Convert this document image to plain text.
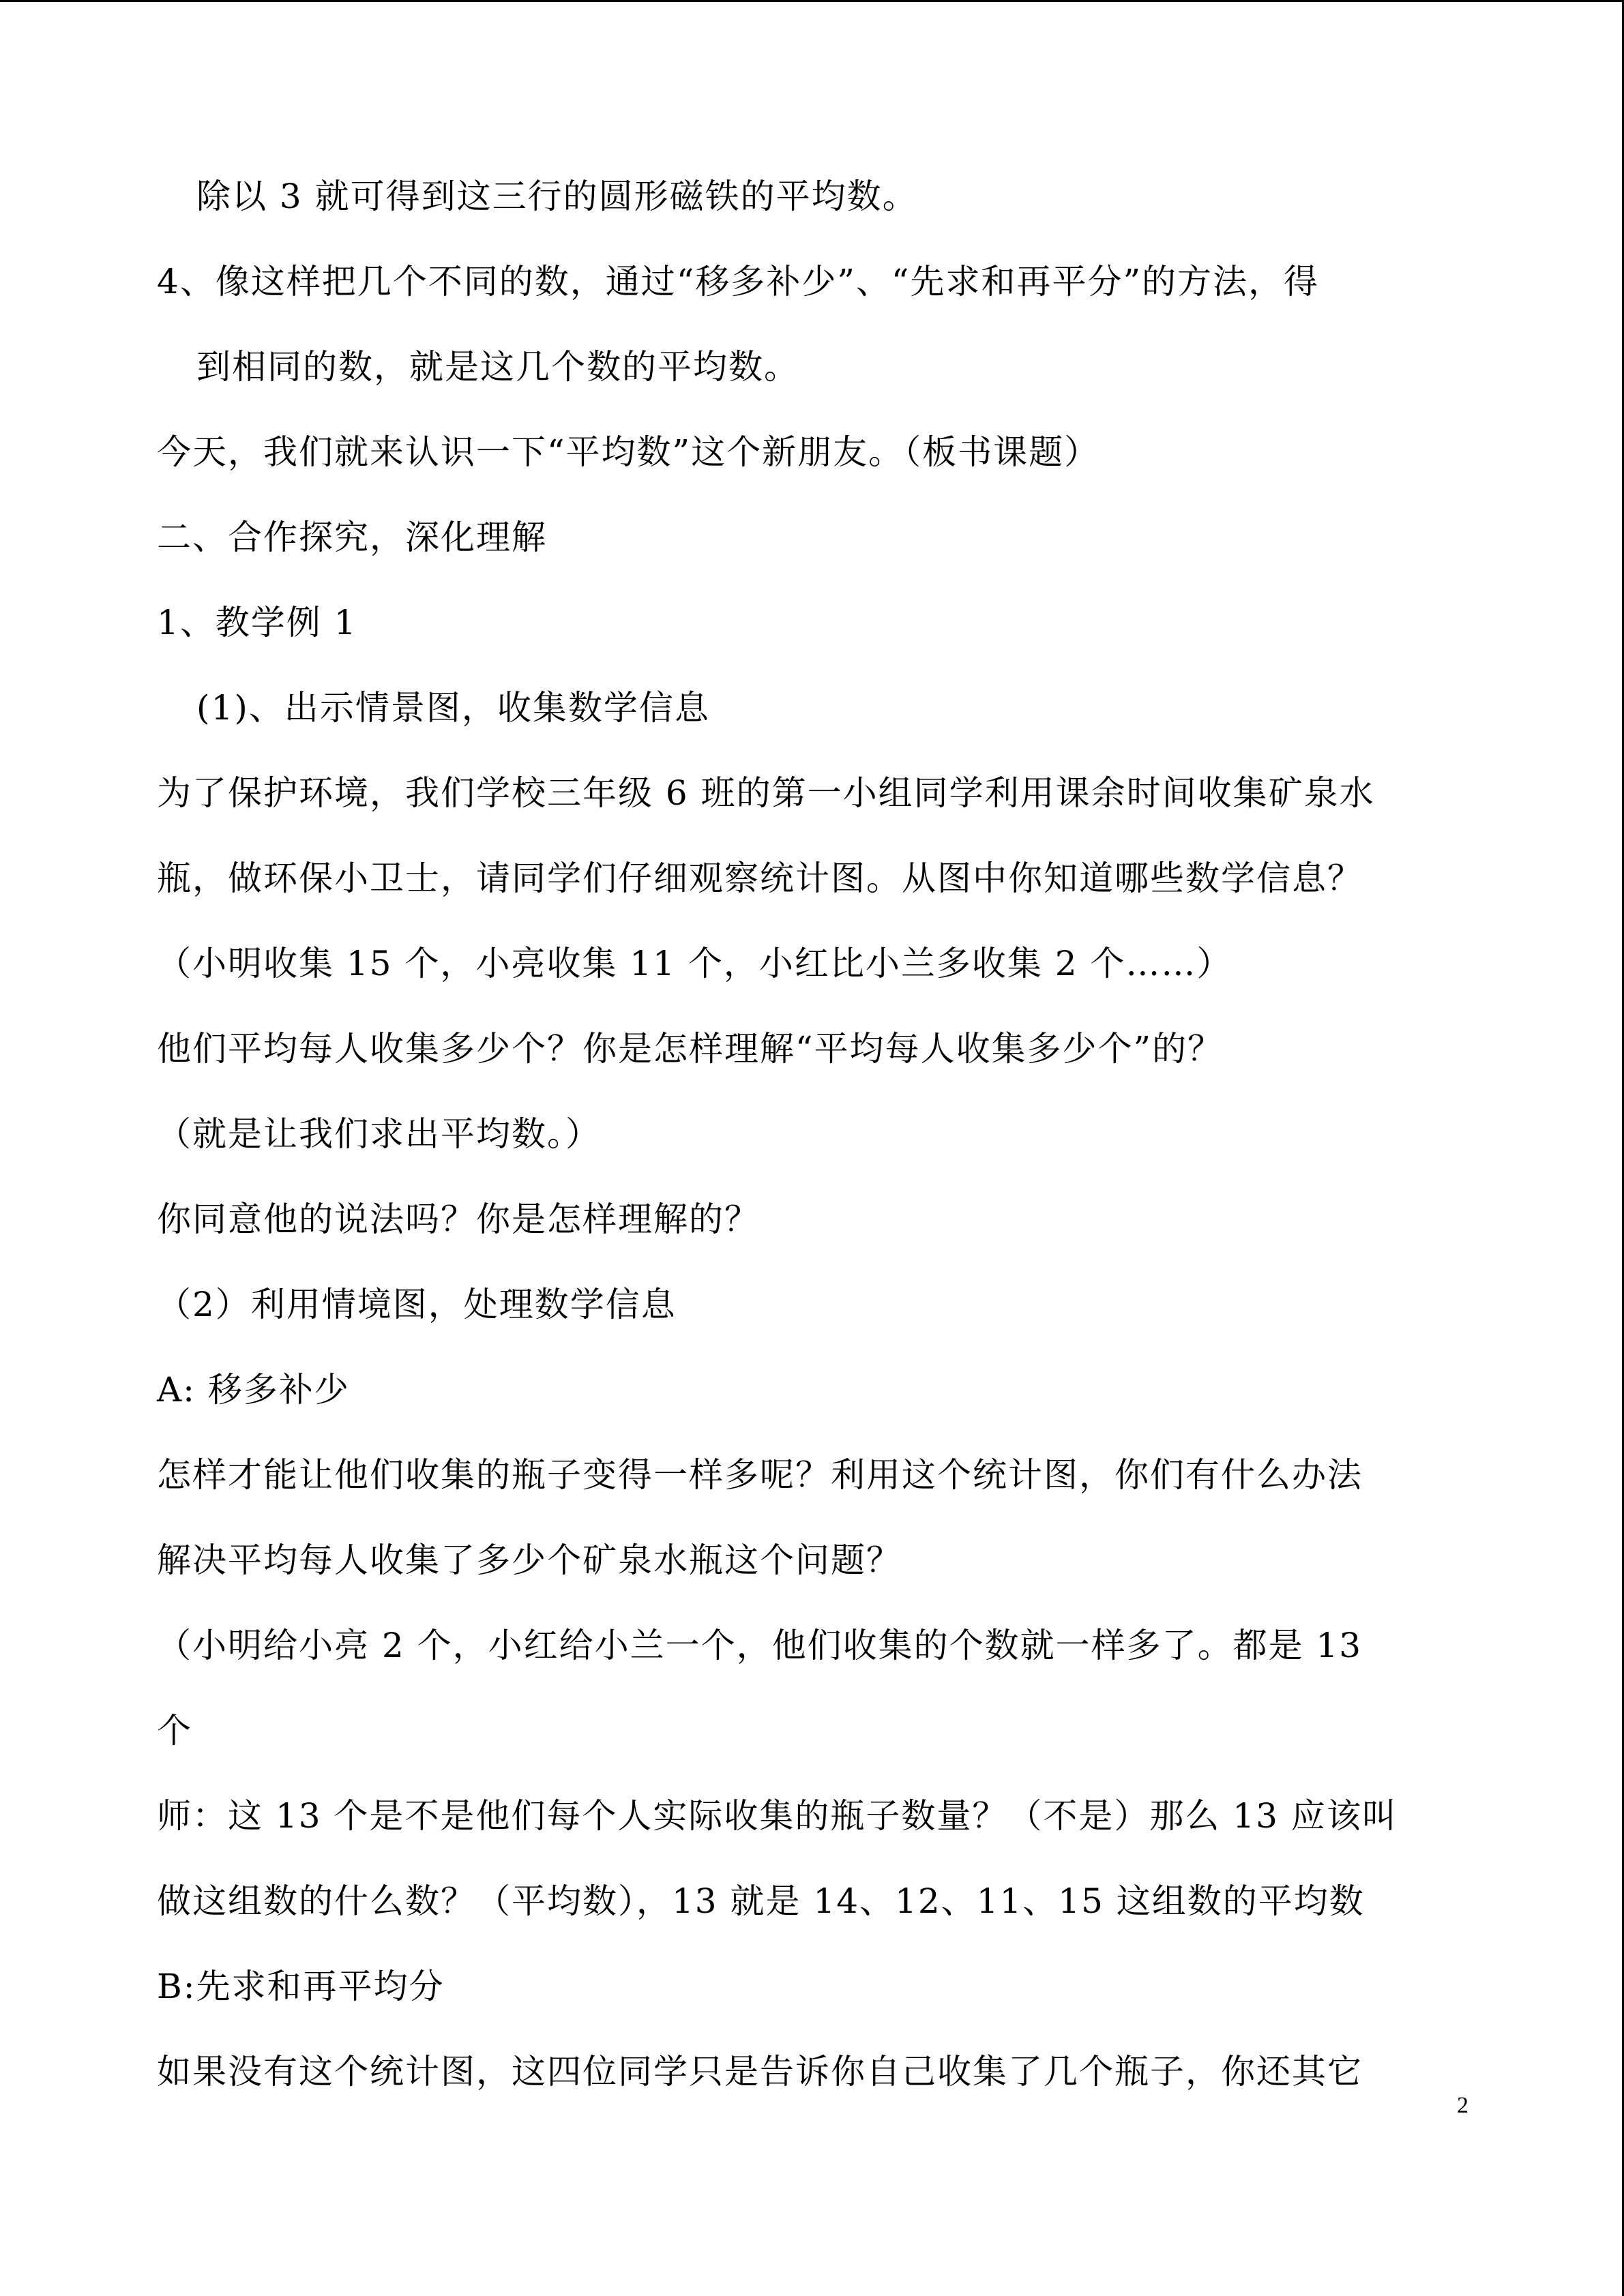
除以 3 就可得到这三行的圆形磁铁的平均数。
4、像这样把几个不同的数，通过“移多补少”、“先求和再平分”的方法，得
到相同的数，就是这几个数的平均数。
今天，我们就来认识一下“平均数”这个新朋友。（板书课题）
二、合作探究，深化理解
1、教学例 1
(1)、出示情景图，收集数学信息
为了保护环境，我们学校三年级 6 班的第一小组同学利用课余时间收集矿泉水
瓶，做环保小卫士，请同学们仔细观察统计图。从图中你知道哪些数学信息？
（小明收集 15 个，小亮收集 11 个，小红比小兰多收集 2 个……）
他们平均每人收集多少个？你是怎样理解“平均每人收集多少个”的？
（就是让我们求出平均数。）
你同意他的说法吗？你是怎样理解的？
（2）利用情境图，处理数学信息
A: 移多补少
怎样才能让他们收集的瓶子变得一样多呢？利用这个统计图，你们有什么办法
解决平均每人收集了多少个矿泉水瓶这个问题？
（小明给小亮 2 个，小红给小兰一个，他们收集的个数就一样多了。都是 13
个
师：这 13 个是不是他们每个人实际收集的瓶子数量？（不是）那么 13 应该叫
做这组数的什么数？（平均数），13 就是 14、12、11、15 这组数的平均数
B:先求和再平均分
如果没有这个统计图，这四位同学只是告诉你自己收集了几个瓶子，你还其它
2
